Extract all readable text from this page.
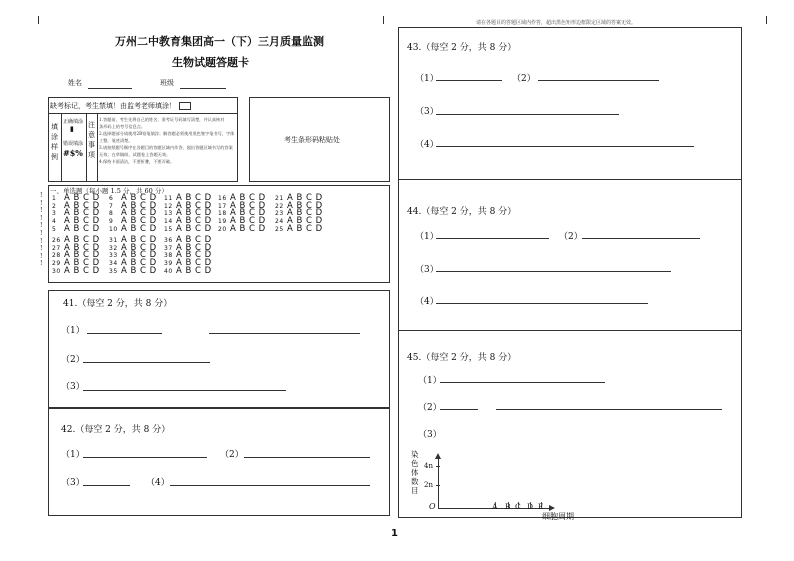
请在各题目的答题区域内作答，超出黑色矩形边框限定区域的答案无效。
万州二中教育集团高一（下）三月质量监测
生物试题答题卡
姓名	班级
缺考标记，考生禁填！由监考老师填涂！
填涂样例
正确填涂
▮
错误填涂
#$%
注意事项
1.答题前，考生先将自己的姓名、准考证号码填写清楚，并认真核对
条形码上的考号信息点。
2.选择题部分请使用2B铅笔填涂；解答题必须使用黑色签字笔书写，字体工整，笔迹清楚。
3.请按照题号顺序在各题目的答题区域内作答，超出答题区域书写的答案无效；在草稿纸、试题卷上答题无效。
4.保持卡面清洁，不要折叠，不要弄破。
考生条形码粘贴处
一、单选题（每小题 1.5 分，共 60 分）
!
!
!
!
!
!
!
!
!
!
1 A B C D
2 A B C D
3 A B C D
4 A B C D
5 A B C D
6 A B C D
7 A B C D
8 A B C D
9 A B C D
10 A B C D
11 A B C D
12 A B C D
13 A B C D
14 A B C D
15 A B C D
16 A B C D
17 A B C D
18 A B C D
19 A B C D
20 A B C D
21 A B C D
22 A B C D
23 A B C D
24 A B C D
25 A B C D
26 A B C D
27 A B C D
28 A B C D
29 A B C D
30 A B C D
31 A B C D
32 A B C D
33 A B C D
34 A B C D
35 A B C D
36 A B C D
37 A B C D
38 A B C D
39 A B C D
40 A B C D
41.（每空 2 分，共 8 分）
（1）
（2）
（3）
42.（每空 2 分，共 8 分）
（1）	（2）
（3）	（4）
43.（每空 2 分，共 8 分）
（1）	（2）
（3）
（4）
44.（每空 2 分，共 8 分）
（1）	（2）
（3）
（4）
45.（每空 2 分，共 8 分）
（1）
（2）
（3）
染色体数目
4n
2n
O	A B C D E
细胞周期
1
